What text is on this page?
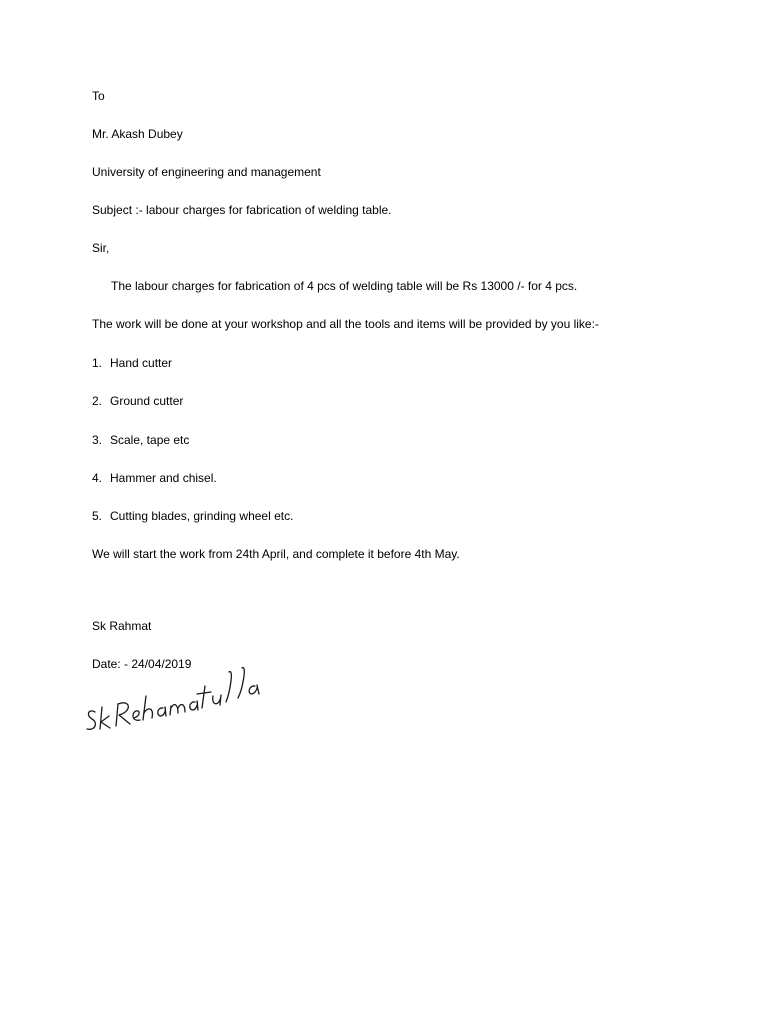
To
Mr. Akash Dubey
University of engineering and management
Subject :- labour charges for fabrication of welding table.
Sir,
The labour charges for fabrication of 4 pcs of welding table will be Rs 13000 /- for 4 pcs.
The work will be done at your workshop and all the tools and items will be provided by you like:-
1. Hand cutter
2. Ground cutter
3. Scale, tape etc
4. Hammer and chisel.
5. Cutting blades, grinding wheel etc.
We will start the work from 24th April, and complete it before 4th May.
Sk Rahmat
Date: - 24/04/2019
